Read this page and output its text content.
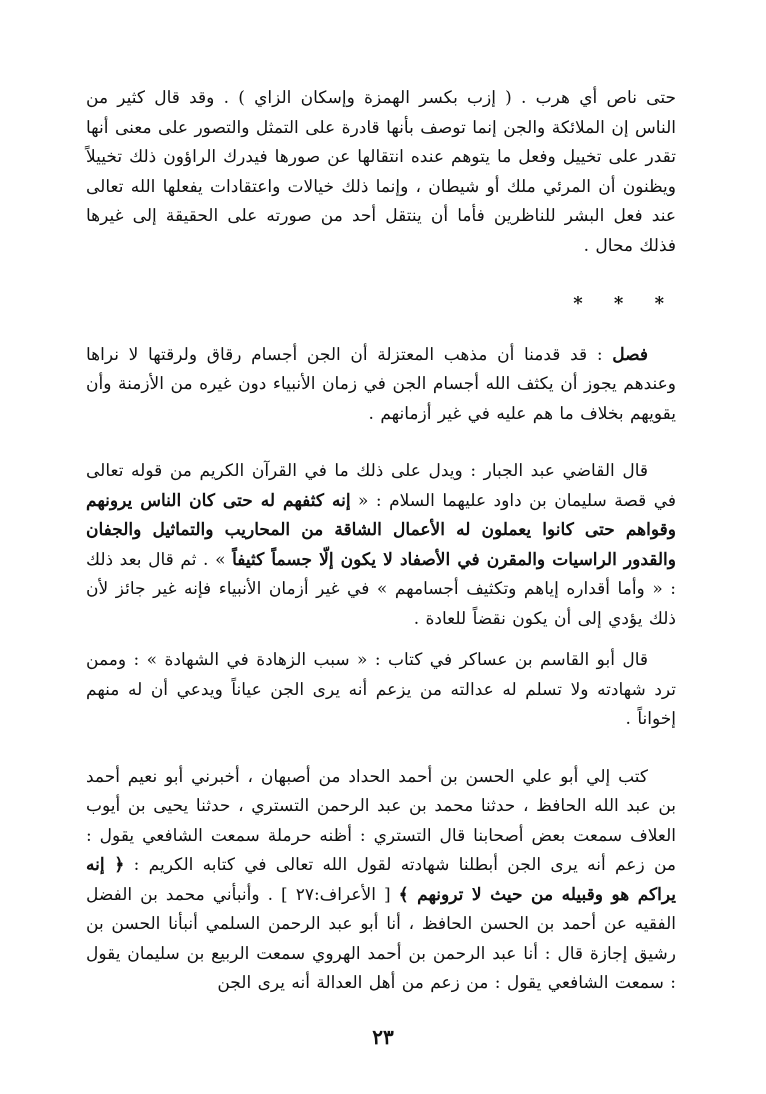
حتى ناص أي هرب . ( إزب بكسر الهمزة وإسكان الزاي ) . وقد قال كثير من الناس إن الملائكة والجن إنما توصف بأنها قادرة على التمثل والتصور على معنى أنها تقدر على تخييل وفعل ما يتوهم عنده انتقالها عن صورها فيدرك الراؤون ذلك تخييلاً ويظنون أن المرئي ملك أو شيطان ، وإنما ذلك خيالات واعتقادات يفعلها الله تعالى عند فعل البشر للناظرين فأما أن ينتقل أحد من صورته على الحقيقة إلى غيرها فذلك محال .

* * *

فصل : قد قدمنا أن مذهب المعتزلة أن الجن أجسام رقاق ولرقتها لا نراها وعندهم يجوز أن يكثف الله أجسام الجن في زمان الأنبياء دون غيره من الأزمنة وأن يقويهم بخلاف ما هم عليه في غير أزمانهم .

قال القاضي عبد الجبار : ويدل على ذلك ما في القرآن الكريم من قوله تعالى في قصة سليمان بن داود عليهما السلام : « إنه كثفهم له حتى كان الناس يرونهم وقواهم حتى كانوا يعملون له الأعمال الشاقة من المحاريب والتماثيل والجفان والقدور الراسيات والمقرن في الأصفاد لا يكون إلّا جسماً كثيفاً » . ثم قال بعد ذلك : « وأما أقداره إياهم وتكثيف أجسامهم » في غير أزمان الأنبياء فإنه غير جائز لأن ذلك يؤدي إلى أن يكون نقضاً للعادة .

قال أبو القاسم بن عساكر في كتاب : « سبب الزهادة في الشهادة » : وممن ترد شهادته ولا تسلم له عدالته من يزعم أنه يرى الجن عياناً ويدعي أن له منهم إخواناً .

كتب إلي أبو علي الحسن بن أحمد الحداد من أصبهان ، أخبرني أبو نعيم أحمد بن عبد الله الحافظ ، حدثنا محمد بن عبد الرحمن التستري ، حدثنا يحيى بن أيوب العلاف سمعت بعض أصحابنا قال التستري : أظنه حرملة سمعت الشافعي يقول : من زعم أنه يرى الجن أبطلنا شهادته لقول الله تعالى في كتابه الكريم : ﴿ إنه يراكم هو وقبيله من حيث لا ترونهم ﴾ [ الأعراف:٢٧ ] . وأنبأني محمد بن الفضل الفقيه عن أحمد بن الحسن الحافظ ، أنا أبو عبد الرحمن السلمي أنبأنا الحسن بن رشيق إجازة قال : أنا عبد الرحمن بن أحمد الهروي سمعت الربيع بن سليمان يقول : سمعت الشافعي يقول : من زعم من أهل العدالة أنه يرى الجن

٢٣
